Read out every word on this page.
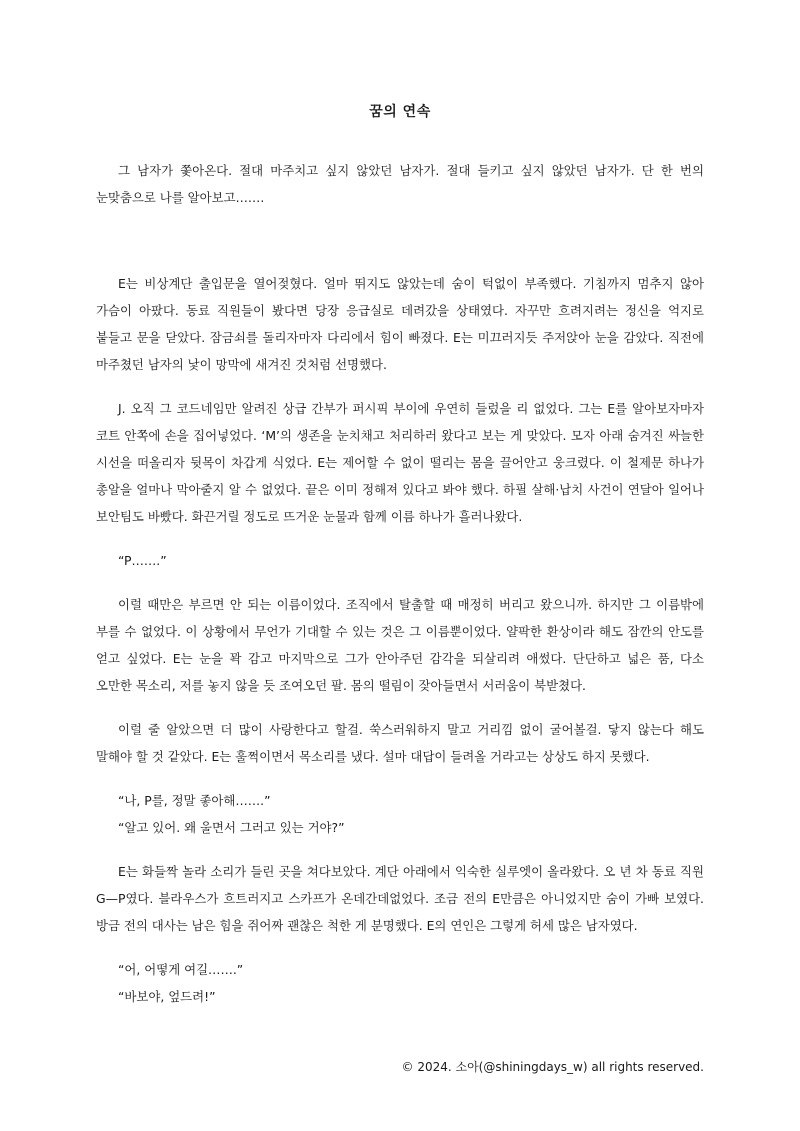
꿈의 연속

그 남자가 쫓아온다. 절대 마주치고 싶지 않았던 남자가. 절대 들키고 싶지 않았던 남자가. 단 한 번의 눈맞춤으로 나를 알아보고…….

E는 비상계단 출입문을 열어젖혔다. 얼마 뛰지도 않았는데 숨이 턱없이 부족했다. 기침까지 멈추지 않아 가슴이 아팠다. 동료 직원들이 봤다면 당장 응급실로 데려갔을 상태였다. 자꾸만 흐려지려는 정신을 억지로 붙들고 문을 닫았다. 잠금쇠를 돌리자마자 다리에서 힘이 빠졌다. E는 미끄러지듯 주저앉아 눈을 감았다. 직전에 마주쳤던 남자의 낯이 망막에 새겨진 것처럼 선명했다.

J. 오직 그 코드네임만 알려진 상급 간부가 퍼시픽 부이에 우연히 들렀을 리 없었다. 그는 E를 알아보자마자 코트 안쪽에 손을 집어넣었다. ‘M’의 생존을 눈치채고 처리하러 왔다고 보는 게 맞았다. 모자 아래 숨겨진 싸늘한 시선을 떠올리자 뒷목이 차갑게 식었다. E는 제어할 수 없이 떨리는 몸을 끌어안고 웅크렸다. 이 철제문 하나가 총알을 얼마나 막아줄지 알 수 없었다. 끝은 이미 정해져 있다고 봐야 했다. 하필 살해·납치 사건이 연달아 일어나 보안팀도 바빴다. 화끈거릴 정도로 뜨거운 눈물과 함께 이름 하나가 흘러나왔다.

“P…….”

이럴 때만은 부르면 안 되는 이름이었다. 조직에서 탈출할 때 매정히 버리고 왔으니까. 하지만 그 이름밖에 부를 수 없었다. 이 상황에서 무언가 기대할 수 있는 것은 그 이름뿐이었다. 얄팍한 환상이라 해도 잠깐의 안도를 얻고 싶었다. E는 눈을 꽉 감고 마지막으로 그가 안아주던 감각을 되살리려 애썼다. 단단하고 넓은 품, 다소 오만한 목소리, 저를 놓지 않을 듯 조여오던 팔. 몸의 떨림이 잦아들면서 서러움이 북받쳤다.

이럴 줄 알았으면 더 많이 사랑한다고 할걸. 쑥스러워하지 말고 거리낌 없이 굴어볼걸. 닿지 않는다 해도 말해야 할 것 같았다. E는 훌쩍이면서 목소리를 냈다. 설마 대답이 들려올 거라고는 상상도 하지 못했다.

“나, P를, 정말 좋아해…….”

“알고 있어. 왜 울면서 그러고 있는 거야?”

E는 화들짝 놀라 소리가 들린 곳을 쳐다보았다. 계단 아래에서 익숙한 실루엣이 올라왔다. 오 년 차 동료 직원 G—P였다. 블라우스가 흐트러지고 스카프가 온데간데없었다. 조금 전의 E만큼은 아니었지만 숨이 가빠 보였다. 방금 전의 대사는 남은 힘을 쥐어짜 괜찮은 척한 게 분명했다. E의 연인은 그렇게 허세 많은 남자였다.

“어, 어떻게 여길…….”

“바보야, 엎드려!”

© 2024. 소아(@shiningdays_w) all rights reserved.
